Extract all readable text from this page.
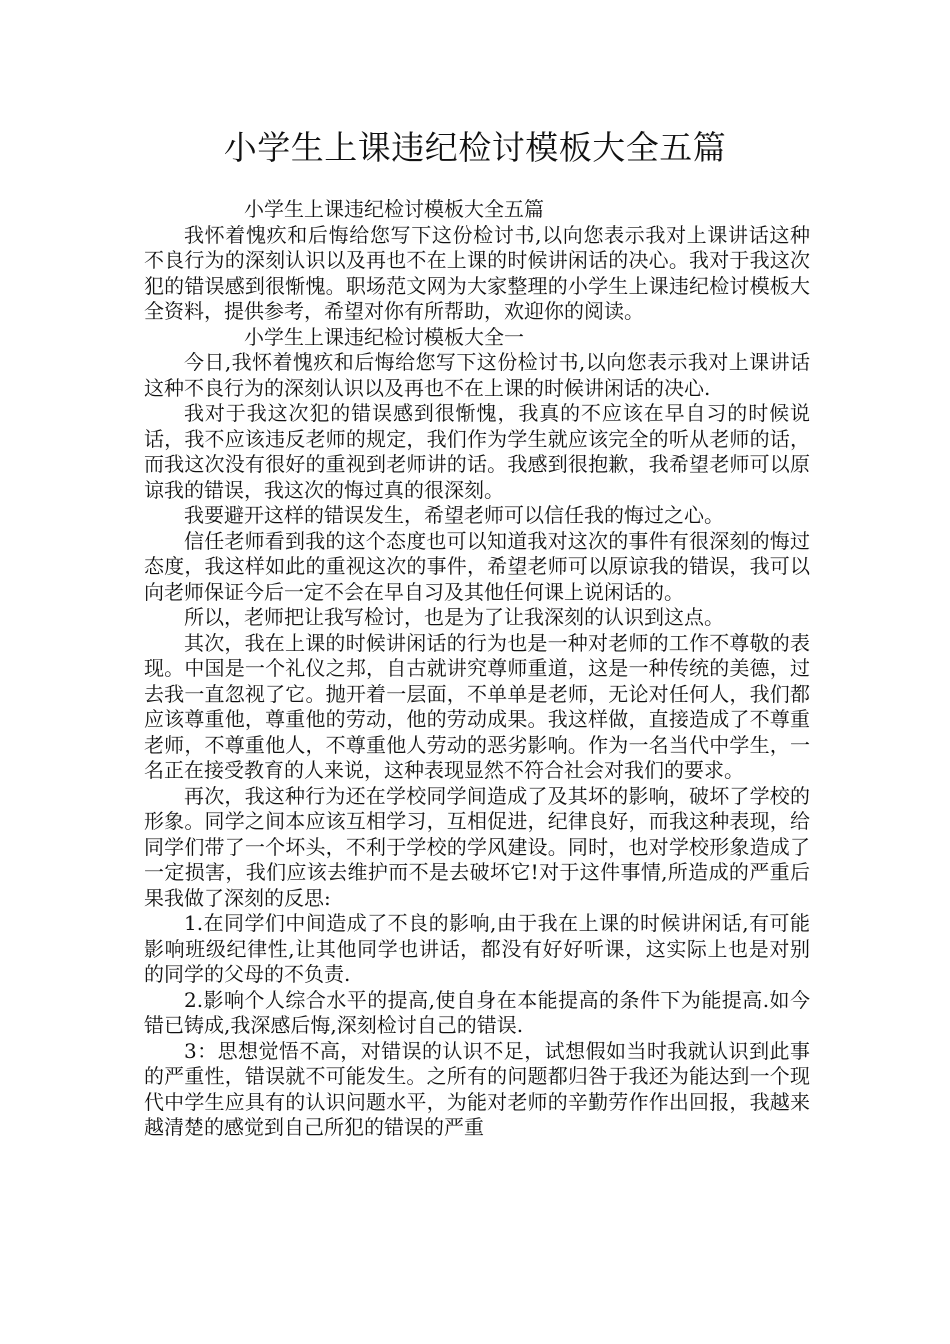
小学生上课违纪检讨模板大全五篇

小学生上课违纪检讨模板大全五篇

我怀着愧疚和后悔给您写下这份检讨书,以向您表示我对上课讲话这种不良行为的深刻认识以及再也不在上课的时候讲闲话的决心。我对于我这次犯的错误感到很惭愧。职场范文网为大家整理的小学生上课违纪检讨模板大全资料，提供参考，希望对你有所帮助，欢迎你的阅读。

小学生上课违纪检讨模板大全一

今日,我怀着愧疚和后悔给您写下这份检讨书,以向您表示我对上课讲话这种不良行为的深刻认识以及再也不在上课的时候讲闲话的决心.

我对于我这次犯的错误感到很惭愧，我真的不应该在早自习的时候说话，我不应该违反老师的规定，我们作为学生就应该完全的听从老师的话，而我这次没有很好的重视到老师讲的话。我感到很抱歉，我希望老师可以原谅我的错误，我这次的悔过真的很深刻。

我要避开这样的错误发生，希望老师可以信任我的悔过之心。

信任老师看到我的这个态度也可以知道我对这次的事件有很深刻的悔过态度，我这样如此的重视这次的事件，希望老师可以原谅我的错误，我可以向老师保证今后一定不会在早自习及其他任何课上说闲话的。

所以，老师把让我写检讨，也是为了让我深刻的认识到这点。

其次，我在上课的时候讲闲话的行为也是一种对老师的工作不尊敬的表现。中国是一个礼仪之邦，自古就讲究尊师重道，这是一种传统的美德，过去我一直忽视了它。抛开着一层面，不单单是老师，无论对任何人，我们都应该尊重他，尊重他的劳动，他的劳动成果。我这样做，直接造成了不尊重老师，不尊重他人，不尊重他人劳动的恶劣影响。作为一名当代中学生，一名正在接受教育的人来说，这种表现显然不符合社会对我们的要求。

再次，我这种行为还在学校同学间造成了及其坏的影响，破坏了学校的形象。同学之间本应该互相学习，互相促进，纪律良好，而我这种表现，给同学们带了一个坏头，不利于学校的学风建设。同时，也对学校形象造成了一定损害，我们应该去维护而不是去破坏它!对于这件事情,所造成的严重后果我做了深刻的反思:

1.在同学们中间造成了不良的影响,由于我在上课的时候讲闲话,有可能影响班级纪律性,让其他同学也讲话，都没有好好听课，这实际上也是对别的同学的父母的不负责.

2.影响个人综合水平的提高,使自身在本能提高的条件下为能提高.如今错已铸成,我深感后悔,深刻检讨自己的错误.

3：思想觉悟不高，对错误的认识不足，试想假如当时我就认识到此事的严重性，错误就不可能发生。之所有的问题都归咎于我还为能达到一个现代中学生应具有的认识问题水平，为能对老师的辛勤劳作作出回报，我越来越清楚的感觉到自己所犯的错误的严重
